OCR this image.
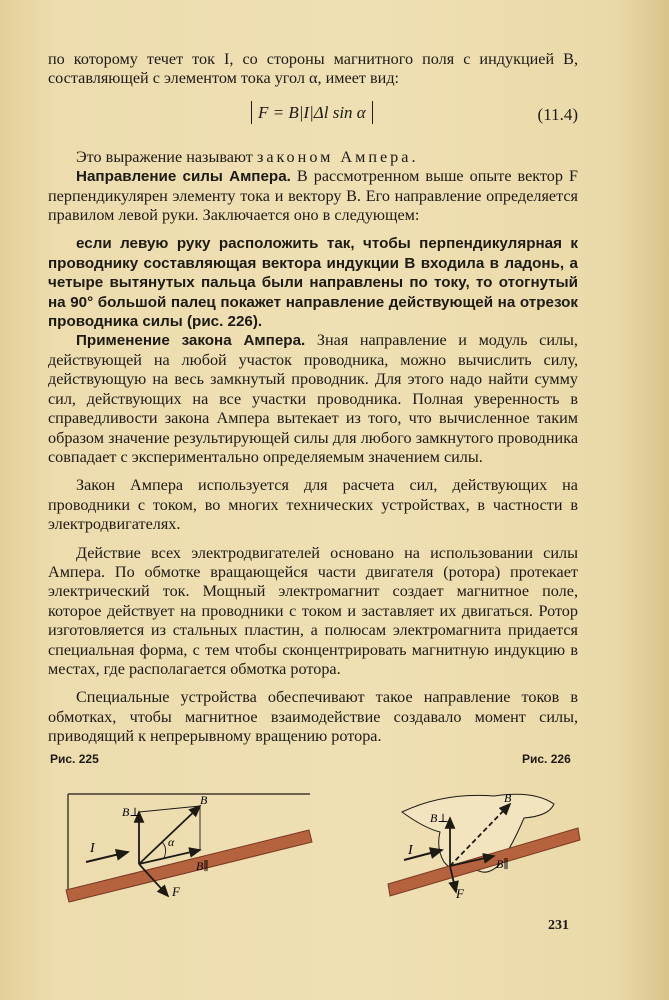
по которому течет ток I, со стороны магнитного поля с индукцией B, составляющей с элементом тока угол α, имеет вид:

F = B|I|Δl sin α	(11.4)

Это выражение называют законом Ампера.

Направление силы Ампера. В рассмотренном выше опыте вектор F перпендикулярен элементу тока и вектору B. Его направление определяется правилом левой руки. Заключается оно в следующем:

если левую руку расположить так, чтобы перпендикулярная к проводнику составляющая вектора индукции B входила в ладонь, а четыре вытянутых пальца были направлены по току, то отогнутый на 90° большой палец покажет направление действующей на отрезок проводника силы (рис. 226).

Применение закона Ампера. Зная направление и модуль силы, действующей на любой участок проводника, можно вычислить силу, действующую на весь замкнутый проводник. Для этого надо найти сумму сил, действующих на все участки проводника. Полная уверенность в справедливости закона Ампера вытекает из того, что вычисленное таким образом значение результирующей силы для любого замкнутого проводника совпадает с экспериментально определяемым значением силы.

Закон Ампера используется для расчета сил, действующих на проводники с током, во многих технических устройствах, в частности в электродвигателях.

Действие всех электродвигателей основано на использовании силы Ампера. По обмотке вращающейся части двигателя (ротора) протекает электрический ток. Мощный электромагнит создает магнитное поле, которое действует на проводники с током и заставляет их двигаться. Ротор изготовляется из стальных пластин, а полюсам электромагнита придается специальная форма, с тем чтобы сконцентрировать магнитную индукцию в местах, где располагается обмотка ротора.

Специальные устройства обеспечивают такое направление токов в обмотках, чтобы магнитное взаимодействие создавало момент силы, приводящий к непрерывному вращению ротора.

Рис. 225	Рис. 226
I
B⊥
B
B∥
α
F
I
B⊥
B
B∥
F
231
